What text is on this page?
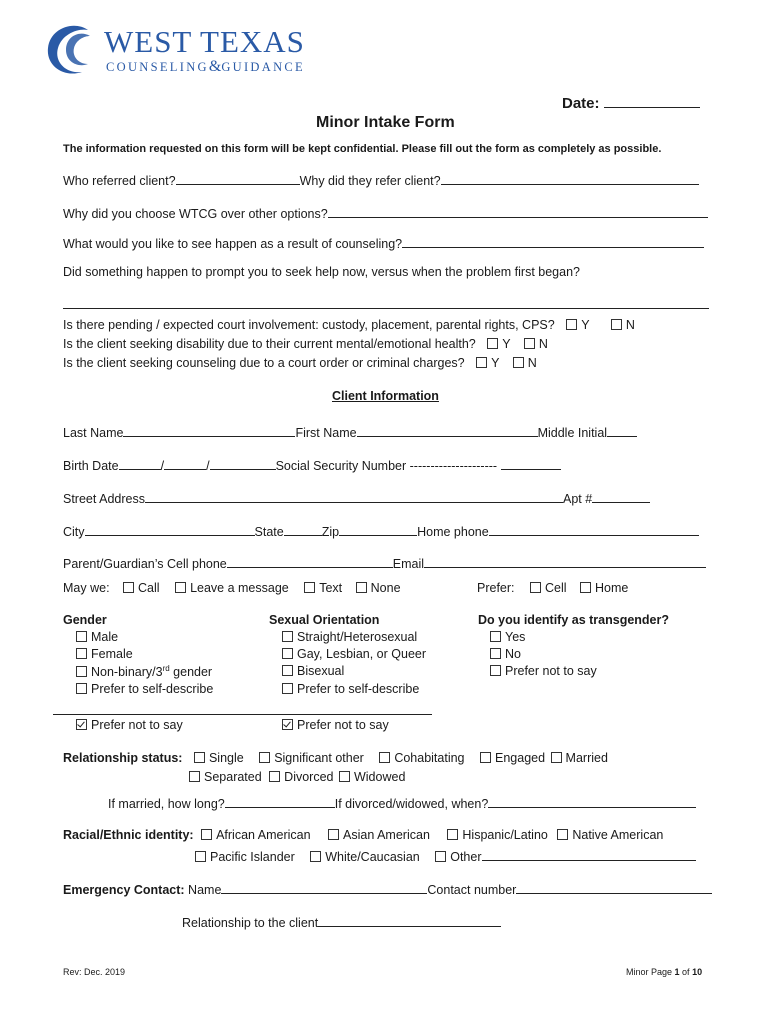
WEST TEXAS
COUNSELING&GUIDANCE
Date:
Minor Intake Form
The information requested on this form will be kept confidential. Please fill out the form as completely as possible.
Who referred client?	Why did they refer client?
Why did you choose WTCG over other options?
What would you like to see happen as a result of counseling?
Did something happen to prompt you to seek help now, versus when the problem first began?
Is there pending / expected court involvement: custody, placement, parental rights, CPS? Y	N
Is the client seeking disability due to their current mental/emotional health? Y N
Is the client seeking counseling due to a court order or criminal charges? Y N
Client Information
Last Name	First Name	Middle Initial
Birth Date	/	/	Social Security Number ---------------------
Street Address	Apt #
City	State	Zip	Home phone
Parent/Guardian’s Cell phone	Email
May we: Call Leave a message Text None	Prefer: Cell Home
Gender
Male
Female
Non-binary/3rd gender
Prefer to self-describe
Prefer not to say
Sexual Orientation
Straight/Heterosexual
Gay, Lesbian, or Queer
Bisexual
Prefer to self-describe
Prefer not to say
Do you identify as transgender?
Yes
No
Prefer not to say
Relationship status: Single Significant other Cohabitating Engaged Married
Separated Divorced Widowed
If married, how long?	If divorced/widowed, when?
Racial/Ethnic identity: African American	Asian American	Hispanic/Latino Native American
Pacific Islander White/Caucasian Other
Emergency Contact: Name	Contact number
Relationship to the client
Rev: Dec. 2019	Minor Page 1 of 10
